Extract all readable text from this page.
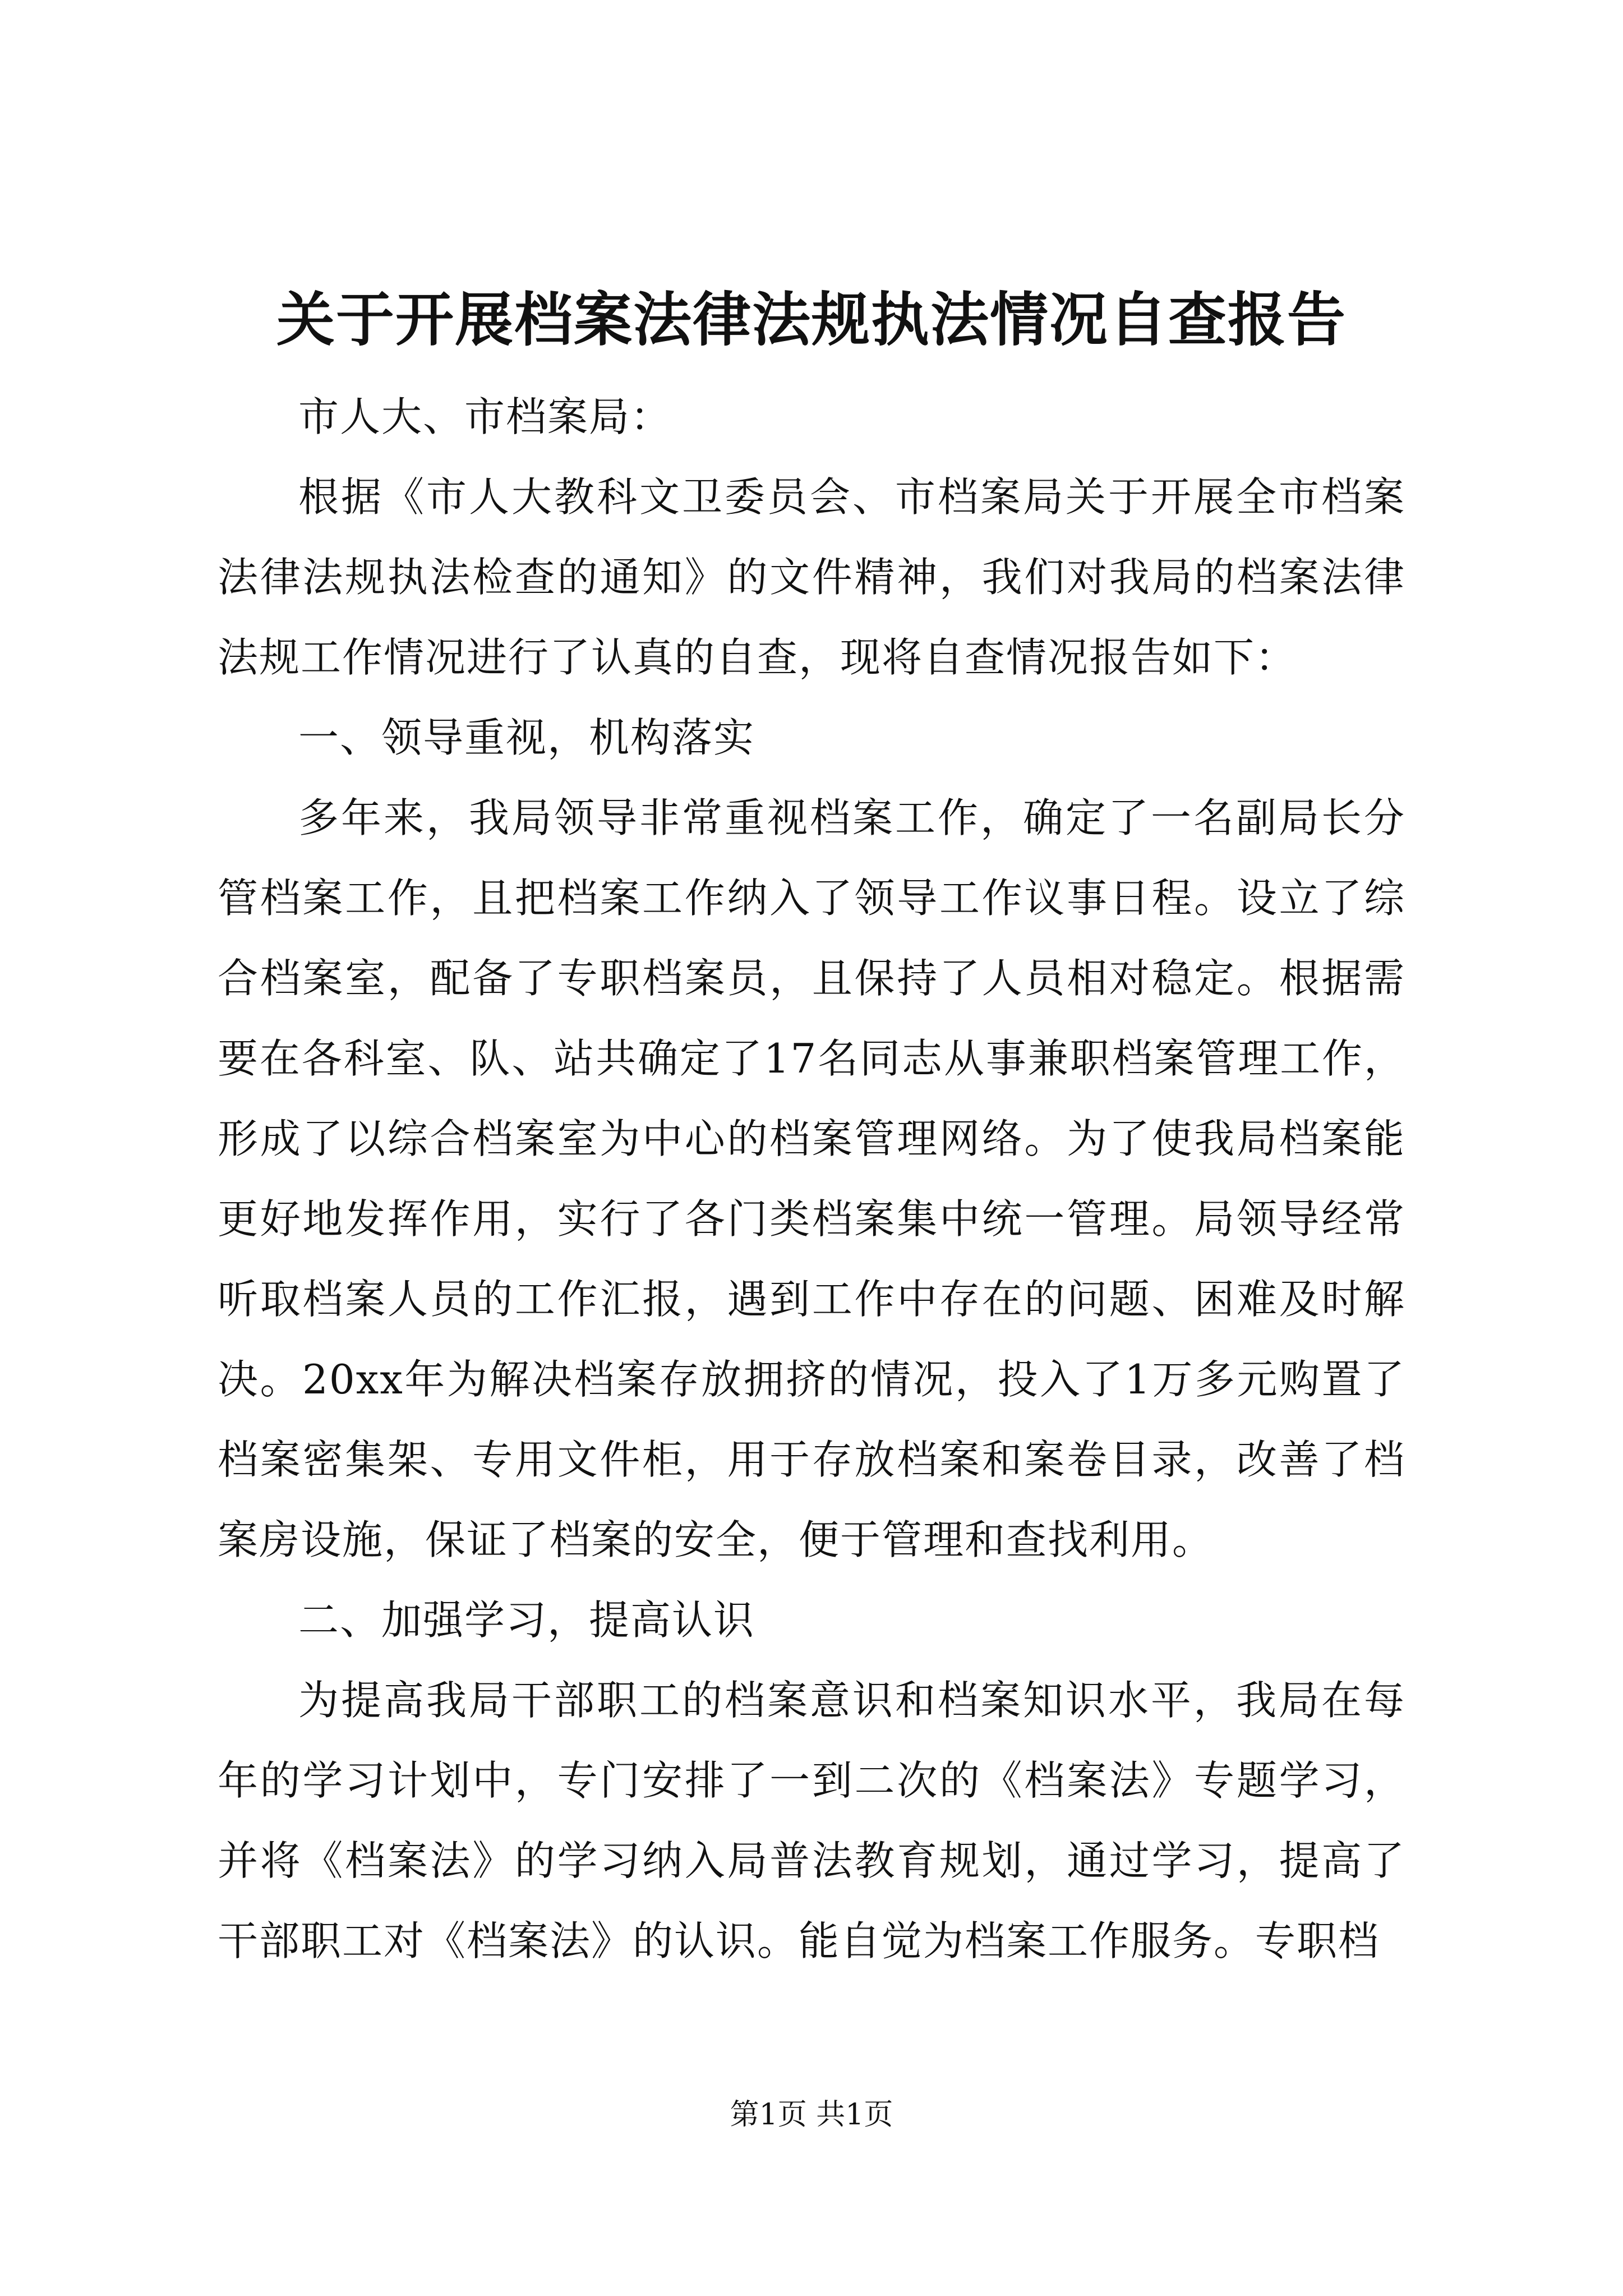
关于开展档案法律法规执法情况自查报告

市人大、市档案局：

根据《市人大教科文卫委员会、市档案局关于开展全市档案法律法规执法检查的通知》的文件精神，我们对我局的档案法律法规工作情况进行了认真的自查，现将自查情况报告如下：

一、领导重视，机构落实

多年来，我局领导非常重视档案工作，确定了一名副局长分管档案工作，且把档案工作纳入了领导工作议事日程。设立了综合档案室，配备了专职档案员，且保持了人员相对稳定。根据需要在各科室、队、站共确定了17名同志从事兼职档案管理工作，形成了以综合档案室为中心的档案管理网络。为了使我局档案能更好地发挥作用，实行了各门类档案集中统一管理。局领导经常听取档案人员的工作汇报，遇到工作中存在的问题、困难及时解决。20xx年为解决档案存放拥挤的情况，投入了1万多元购置了档案密集架、专用文件柜，用于存放档案和案卷目录，改善了档案房设施，保证了档案的安全，便于管理和查找利用。

二、加强学习，提高认识

为提高我局干部职工的档案意识和档案知识水平，我局在每年的学习计划中，专门安排了一到二次的《档案法》专题学习，并将《档案法》的学习纳入局普法教育规划，通过学习，提高了干部职工对《档案法》的认识。能自觉为档案工作服务。专职档

第1页 共1页
